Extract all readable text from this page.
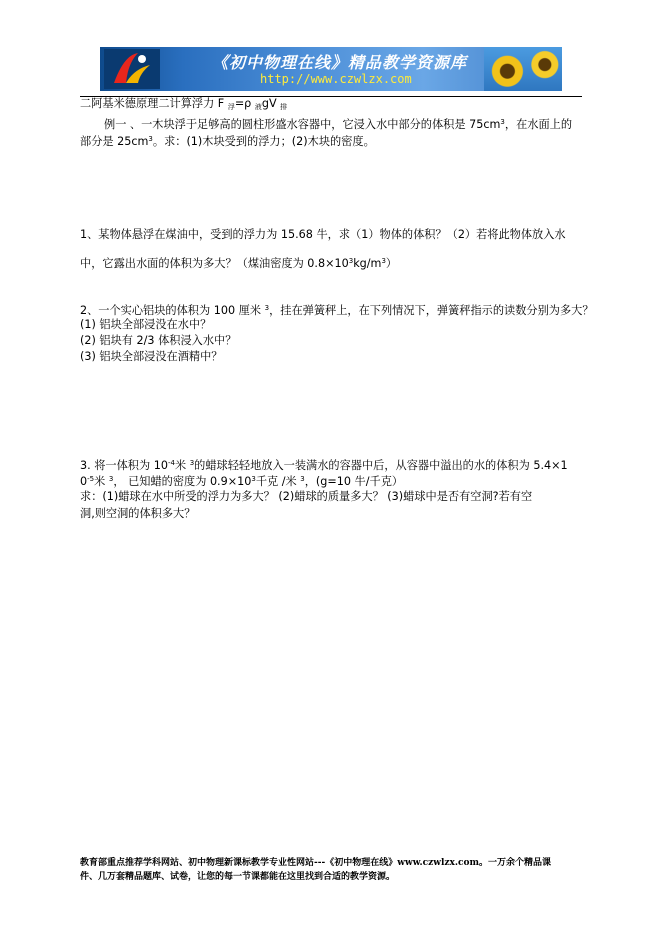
《初中物理在线》精品教学资源库
http://www.czwlzx.com
二阿基米德原理二计算浮力 F $_浮$=ρ $_液$gV $_排$
例一 、一木块浮于足够高的圆柱形盛水容器中，它浸入水中部分的体积是 $75cm^3$，在水面上的
部分是 $25cm^3$。求：(1)木块受到的浮力；(2)木块的密度。
1、某物体悬浮在煤油中，受到的浮力为 15.68 牛，求（1）物体的体积？（2）若将此物体放入水
中，它露出水面的体积为多大？（煤油密度为 $0.8\times 10^3kg/m^3$）
2、一个实心铝块的体积为 100 厘米 $^3$，挂在弹簧秤上，在下列情况下，弹簧秤指示的读数分别为多大？
(1) 铝块全部浸没在水中？
(2) 铝块有 2/3 体积浸入水中？
(3) 铝块全部浸没在酒精中？
3. 将一体积为 $10^{-4}$米 $^3$的蜡球轻轻地放入一装满水的容器中后，从容器中溢出的水的体积为 5.4×1
$0^{-5}$米 $^3$， 已知蜡的密度为 $0.9\times 10^3$千克 /米 $^3$，(g=10 牛/千克）
求：(1)蜡球在水中所受的浮力为多大？ (2)蜡球的质量多大？ (3)蜡球中是否有空洞?若有空
洞,则空洞的体积多大？
教育部重点推荐学科网站、初中物理新课标教学专业性网站---《初中物理在线》www.czwlzx.com。一万余个精品课
件、几万套精品题库、试卷，让您的每一节课都能在这里找到合适的教学资源。
